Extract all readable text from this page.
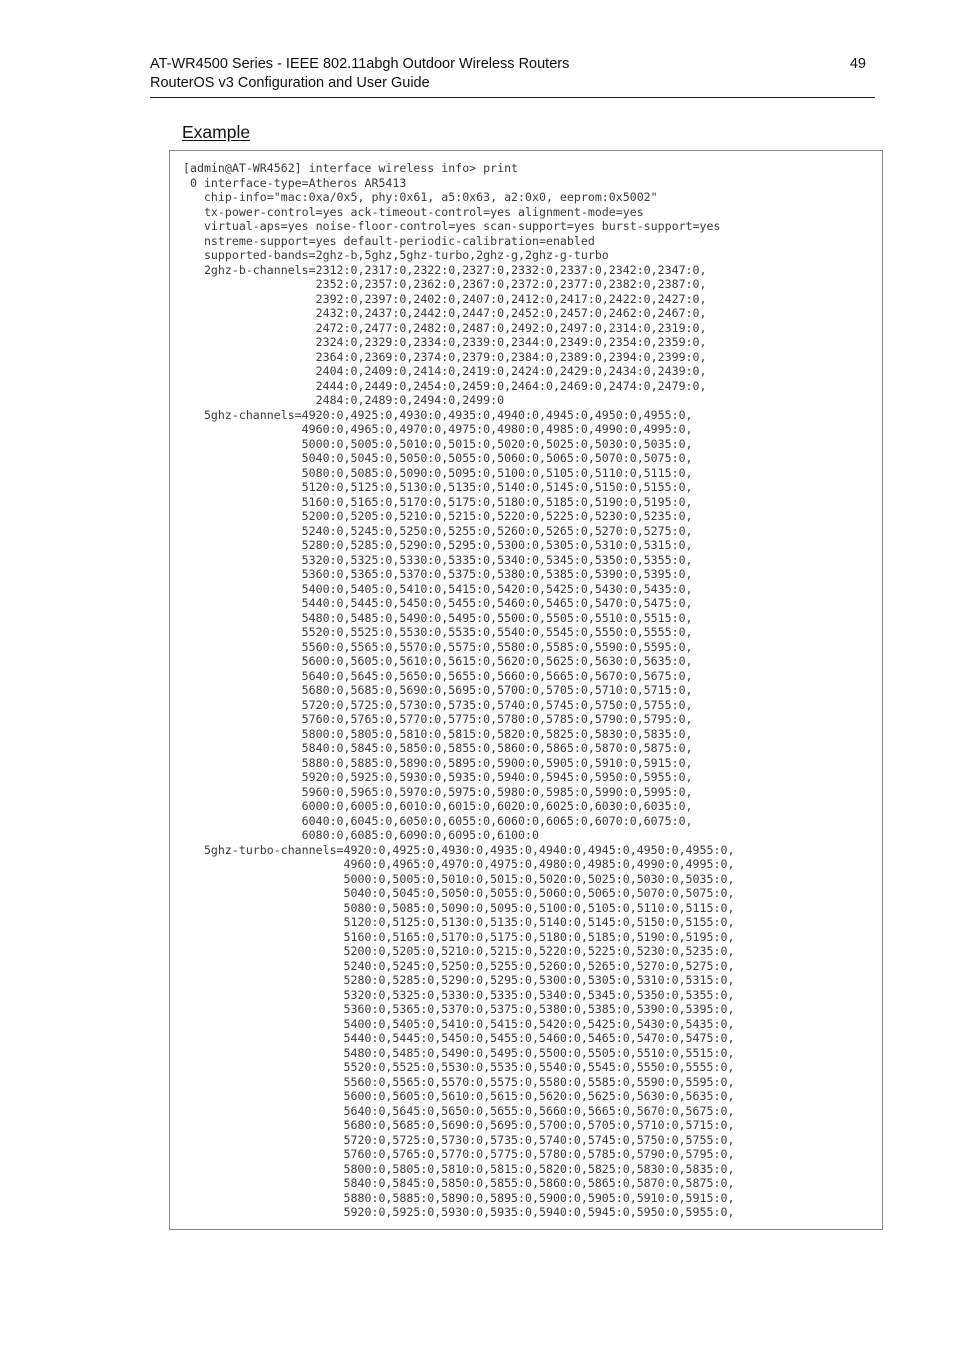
AT-WR4500 Series - IEEE 802.11abgh Outdoor Wireless Routers
RouterOS v3 Configuration and User Guide
49
Example
[admin@AT-WR4562] interface wireless info> print
0 interface-type=Atheros AR5413
chip-info="mac:0xa/0x5, phy:0x61, a5:0x63, a2:0x0, eeprom:0x5002"
tx-power-control=yes ack-timeout-control=yes alignment-mode=yes
virtual-aps=yes noise-floor-control=yes scan-support=yes burst-support=yes
nstreme-support=yes default-periodic-calibration=enabled
supported-bands=2ghz-b,5ghz,5ghz-turbo,2ghz-g,2ghz-g-turbo
2ghz-b-channels=2312:0,2317:0,2322:0,2327:0,2332:0,2337:0,2342:0,2347:0,
2352:0,2357:0,2362:0,2367:0,2372:0,2377:0,2382:0,2387:0,
2392:0,2397:0,2402:0,2407:0,2412:0,2417:0,2422:0,2427:0,
2432:0,2437:0,2442:0,2447:0,2452:0,2457:0,2462:0,2467:0,
2472:0,2477:0,2482:0,2487:0,2492:0,2497:0,2314:0,2319:0,
2324:0,2329:0,2334:0,2339:0,2344:0,2349:0,2354:0,2359:0,
2364:0,2369:0,2374:0,2379:0,2384:0,2389:0,2394:0,2399:0,
2404:0,2409:0,2414:0,2419:0,2424:0,2429:0,2434:0,2439:0,
2444:0,2449:0,2454:0,2459:0,2464:0,2469:0,2474:0,2479:0,
2484:0,2489:0,2494:0,2499:0
5ghz-channels=4920:0,4925:0,4930:0,4935:0,4940:0,4945:0,4950:0,4955:0,
4960:0,4965:0,4970:0,4975:0,4980:0,4985:0,4990:0,4995:0,
5000:0,5005:0,5010:0,5015:0,5020:0,5025:0,5030:0,5035:0,
5040:0,5045:0,5050:0,5055:0,5060:0,5065:0,5070:0,5075:0,
5080:0,5085:0,5090:0,5095:0,5100:0,5105:0,5110:0,5115:0,
5120:0,5125:0,5130:0,5135:0,5140:0,5145:0,5150:0,5155:0,
5160:0,5165:0,5170:0,5175:0,5180:0,5185:0,5190:0,5195:0,
5200:0,5205:0,5210:0,5215:0,5220:0,5225:0,5230:0,5235:0,
5240:0,5245:0,5250:0,5255:0,5260:0,5265:0,5270:0,5275:0,
5280:0,5285:0,5290:0,5295:0,5300:0,5305:0,5310:0,5315:0,
5320:0,5325:0,5330:0,5335:0,5340:0,5345:0,5350:0,5355:0,
5360:0,5365:0,5370:0,5375:0,5380:0,5385:0,5390:0,5395:0,
5400:0,5405:0,5410:0,5415:0,5420:0,5425:0,5430:0,5435:0,
5440:0,5445:0,5450:0,5455:0,5460:0,5465:0,5470:0,5475:0,
5480:0,5485:0,5490:0,5495:0,5500:0,5505:0,5510:0,5515:0,
5520:0,5525:0,5530:0,5535:0,5540:0,5545:0,5550:0,5555:0,
5560:0,5565:0,5570:0,5575:0,5580:0,5585:0,5590:0,5595:0,
5600:0,5605:0,5610:0,5615:0,5620:0,5625:0,5630:0,5635:0,
5640:0,5645:0,5650:0,5655:0,5660:0,5665:0,5670:0,5675:0,
5680:0,5685:0,5690:0,5695:0,5700:0,5705:0,5710:0,5715:0,
5720:0,5725:0,5730:0,5735:0,5740:0,5745:0,5750:0,5755:0,
5760:0,5765:0,5770:0,5775:0,5780:0,5785:0,5790:0,5795:0,
5800:0,5805:0,5810:0,5815:0,5820:0,5825:0,5830:0,5835:0,
5840:0,5845:0,5850:0,5855:0,5860:0,5865:0,5870:0,5875:0,
5880:0,5885:0,5890:0,5895:0,5900:0,5905:0,5910:0,5915:0,
5920:0,5925:0,5930:0,5935:0,5940:0,5945:0,5950:0,5955:0,
5960:0,5965:0,5970:0,5975:0,5980:0,5985:0,5990:0,5995:0,
6000:0,6005:0,6010:0,6015:0,6020:0,6025:0,6030:0,6035:0,
6040:0,6045:0,6050:0,6055:0,6060:0,6065:0,6070:0,6075:0,
6080:0,6085:0,6090:0,6095:0,6100:0
5ghz-turbo-channels=4920:0,4925:0,4930:0,4935:0,4940:0,4945:0,4950:0,4955:0,
4960:0,4965:0,4970:0,4975:0,4980:0,4985:0,4990:0,4995:0,
5000:0,5005:0,5010:0,5015:0,5020:0,5025:0,5030:0,5035:0,
5040:0,5045:0,5050:0,5055:0,5060:0,5065:0,5070:0,5075:0,
5080:0,5085:0,5090:0,5095:0,5100:0,5105:0,5110:0,5115:0,
5120:0,5125:0,5130:0,5135:0,5140:0,5145:0,5150:0,5155:0,
5160:0,5165:0,5170:0,5175:0,5180:0,5185:0,5190:0,5195:0,
5200:0,5205:0,5210:0,5215:0,5220:0,5225:0,5230:0,5235:0,
5240:0,5245:0,5250:0,5255:0,5260:0,5265:0,5270:0,5275:0,
5280:0,5285:0,5290:0,5295:0,5300:0,5305:0,5310:0,5315:0,
5320:0,5325:0,5330:0,5335:0,5340:0,5345:0,5350:0,5355:0,
5360:0,5365:0,5370:0,5375:0,5380:0,5385:0,5390:0,5395:0,
5400:0,5405:0,5410:0,5415:0,5420:0,5425:0,5430:0,5435:0,
5440:0,5445:0,5450:0,5455:0,5460:0,5465:0,5470:0,5475:0,
5480:0,5485:0,5490:0,5495:0,5500:0,5505:0,5510:0,5515:0,
5520:0,5525:0,5530:0,5535:0,5540:0,5545:0,5550:0,5555:0,
5560:0,5565:0,5570:0,5575:0,5580:0,5585:0,5590:0,5595:0,
5600:0,5605:0,5610:0,5615:0,5620:0,5625:0,5630:0,5635:0,
5640:0,5645:0,5650:0,5655:0,5660:0,5665:0,5670:0,5675:0,
5680:0,5685:0,5690:0,5695:0,5700:0,5705:0,5710:0,5715:0,
5720:0,5725:0,5730:0,5735:0,5740:0,5745:0,5750:0,5755:0,
5760:0,5765:0,5770:0,5775:0,5780:0,5785:0,5790:0,5795:0,
5800:0,5805:0,5810:0,5815:0,5820:0,5825:0,5830:0,5835:0,
5840:0,5845:0,5850:0,5855:0,5860:0,5865:0,5870:0,5875:0,
5880:0,5885:0,5890:0,5895:0,5900:0,5905:0,5910:0,5915:0,
5920:0,5925:0,5930:0,5935:0,5940:0,5945:0,5950:0,5955:0,
